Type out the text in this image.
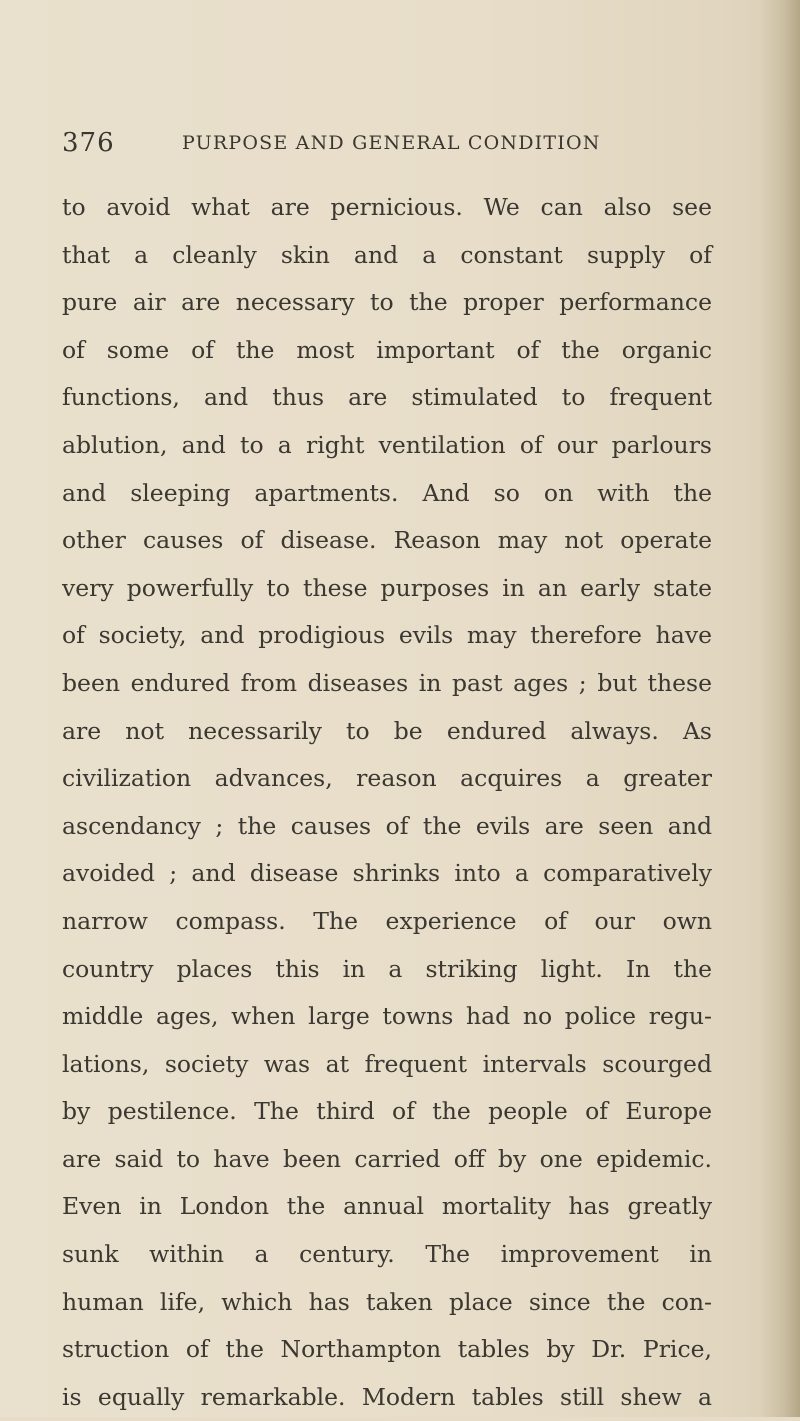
376	PURPOSE AND GENERAL CONDITION
to avoid what are pernicious. We can also see
that a cleanly skin and a constant supply of
pure air are necessary to the proper performance
of some of the most important of the organic
functions, and thus are stimulated to frequent
ablution, and to a right ventilation of our parlours
and sleeping apartments. And so on with the
other causes of disease. Reason may not operate
very powerfully to these purposes in an early state
of society, and prodigious evils may therefore have
been endured from diseases in past ages ; but these
are not necessarily to be endured always. As
civilization advances, reason acquires a greater
ascendancy ; the causes of the evils are seen and
avoided ; and disease shrinks into a comparatively
narrow compass. The experience of our own
country places this in a striking light. In the
middle ages, when large towns had no police regu-
lations, society was at frequent intervals scourged
by pestilence. The third of the people of Europe
are said to have been carried off by one epidemic.
Even in London the annual mortality has greatly
sunk within a century. The improvement in
human life, which has taken place since the con-
struction of the Northampton tables by Dr. Price,
is equally remarkable. Modern tables still shew a
